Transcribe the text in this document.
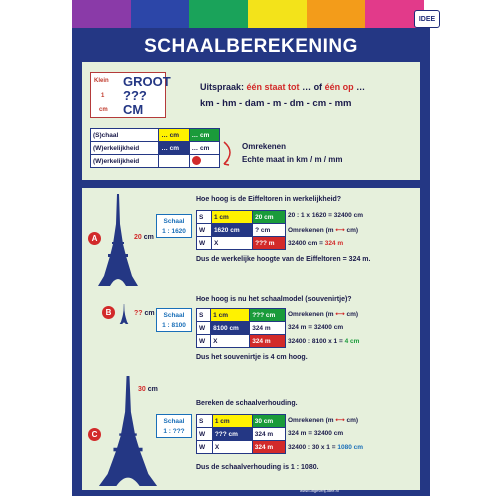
SCHAALBEREKENING
Klein
1
cm
GROOT
???
CM
Uitspraak: één staat tot … of één op …
km - hm - dam - m - dm - cm - mm
(S)chaal	… cm	… cm
(W)erkelijkheid	… cm	… cm
(W)erkelijkheid		
Omrekenen
Echte maat in km / m / mm
A	20 cm
Hoe hoog is de Eiffeltoren in werkelijkheid?
Schaal
1 : 1620
S	1 cm	20 cm
W	1620 cm	? cm
W	X	??? m
20 : 1 x 1620 = 32400 cm
Omrekenen (m ⟷ cm)
32400 cm = 324 m
Dus de werkelijke hoogte van de Eiffeltoren = 324 m.
B	?? cm
Hoe hoog is nu het schaalmodel (souvenirtje)?
Schaal
1 : 8100
S	1 cm	??? cm
W	8100 cm	324 m
W	X	324 m
Omrekenen (m ⟷ cm)
324 m = 32400 cm
32400 : 8100 x 1 = 4 cm
Dus het souvenirtje is 4 cm hoog.
C
30 cm
Bereken de schaalverhouding.
Schaal
1 : ???
S	1 cm	30 cm
W	??? cm	324 m
W	X	324 m
Omrekenen (m ⟷ cm)
324 m = 32400 cm
32400 : 30 x 1 = 1080 cm
Dus de schaalverhouding is 1 : 1080.
IDEE
www.uitgeverij-idee.nl
